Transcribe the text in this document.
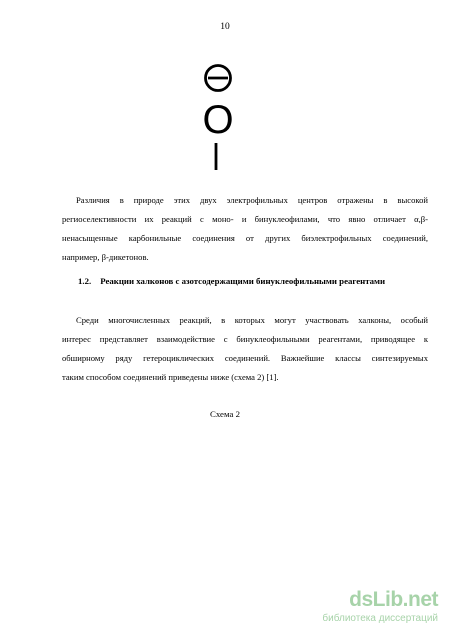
10
O
Различия в природе этих двух электрофильных центров отражены в высокой
региоселективности их реакций с моно- и бинуклеофилами, что явно отличает α,β-
ненасыщенные карбонильные соединения от других биэлектрофильных соединений,
например, β-дикетонов.
1.2. Реакции халконов с азотсодержащими бинуклеофильными реагентами
Среди многочисленных реакций, в которых могут участвовать халконы, особый
интерес представляет взаимодействие с бинуклеофильными реагентами, приводящее к
обширному ряду гетероциклических соединений. Важнейшие классы синтезируемых
таким способом соединений приведены ниже (схема 2) [1].
Схема 2
dsLib.net
библиотека диссертаций
